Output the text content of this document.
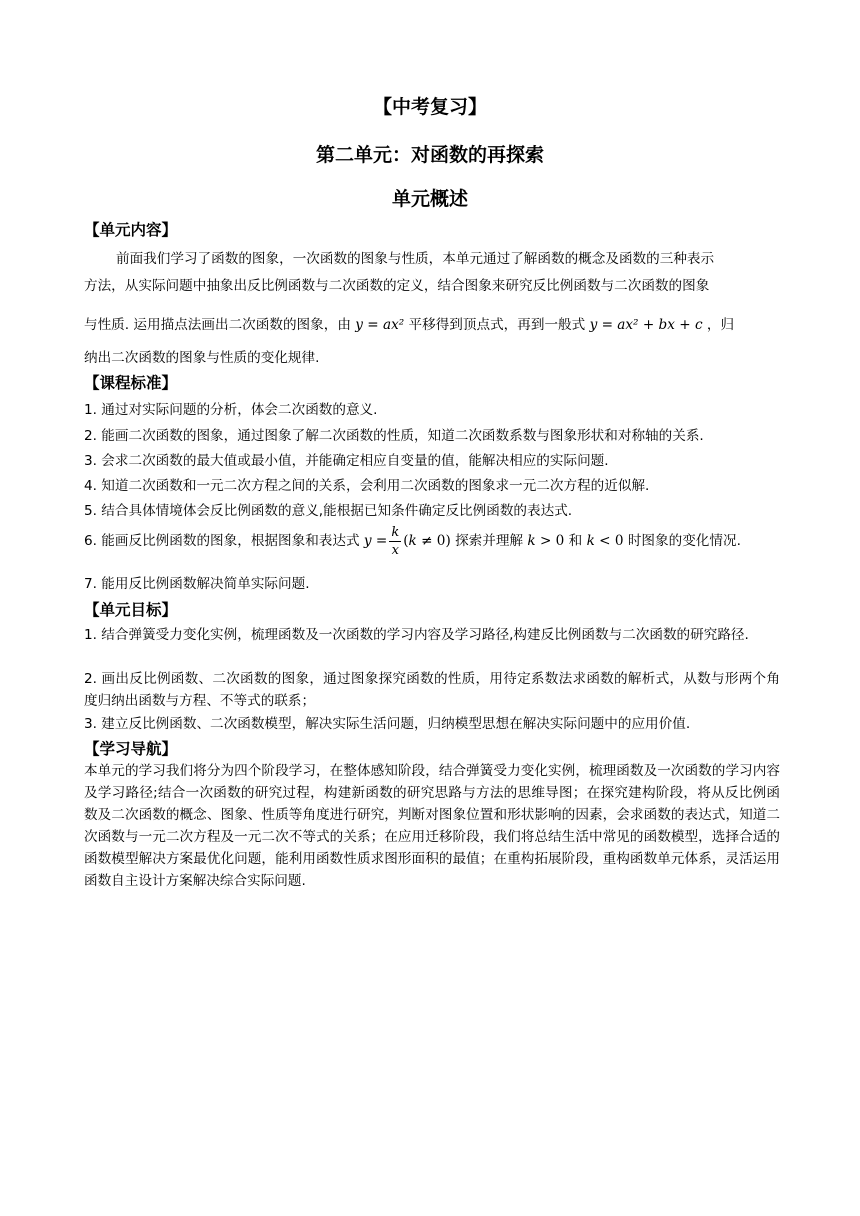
【中考复习】
第二单元：对函数的再探索
单元概述
【单元内容】
前面我们学习了函数的图象，一次函数的图象与性质，本单元通过了解函数的概念及函数的三种表示
方法，从实际问题中抽象出反比例函数与二次函数的定义，结合图象来研究反比例函数与二次函数的图象
与性质. 运用描点法画出二次函数的图象，由 y = ax² 平移得到顶点式，再到一般式 y = ax² + bx + c ，归
纳出二次函数的图象与性质的变化规律.
【课程标准】
1. 通过对实际问题的分析，体会二次函数的意义.
2. 能画二次函数的图象，通过图象了解二次函数的性质，知道二次函数系数与图象形状和对称轴的关系.
3. 会求二次函数的最大值或最小值，并能确定相应自变量的值，能解决相应的实际问题.
4. 知道二次函数和一元二次方程之间的关系，会利用二次函数的图象求一元二次方程的近似解.
5. 结合具体情境体会反比例函数的意义,能根据已知条件确定反比例函数的表达式.
6. 能画反比例函数的图象，根据图象和表达式 $y = \frac{k}{x} (k \ne 0)$ 探索并理解 k > 0 和 k < 0 时图象的变化情况.
7. 能用反比例函数解决简单实际问题.
【单元目标】
1. 结合弹簧受力变化实例，梳理函数及一次函数的学习内容及学习路径,构建反比例函数与二次函数的研究路径.
2. 画出反比例函数、二次函数的图象，通过图象探究函数的性质，用待定系数法求函数的解析式，从数与形两个角度归纳出函数与方程、不等式的联系；
3. 建立反比例函数、二次函数模型，解决实际生活问题，归纳模型思想在解决实际问题中的应用价值.
【学习导航】
本单元的学习我们将分为四个阶段学习，在整体感知阶段，结合弹簧受力变化实例，梳理函数及一次函数的学习内容及学习路径;结合一次函数的研究过程，构建新函数的研究思路与方法的思维导图；在探究建构阶段，将从反比例函数及二次函数的概念、图象、性质等角度进行研究，判断对图象位置和形状影响的因素，会求函数的表达式，知道二次函数与一元二次方程及一元二次不等式的关系；在应用迁移阶段，我们将总结生活中常见的函数模型，选择合适的函数模型解决方案最优化问题，能利用函数性质求图形面积的最值；在重构拓展阶段，重构函数单元体系，灵活运用函数自主设计方案解决综合实际问题.
